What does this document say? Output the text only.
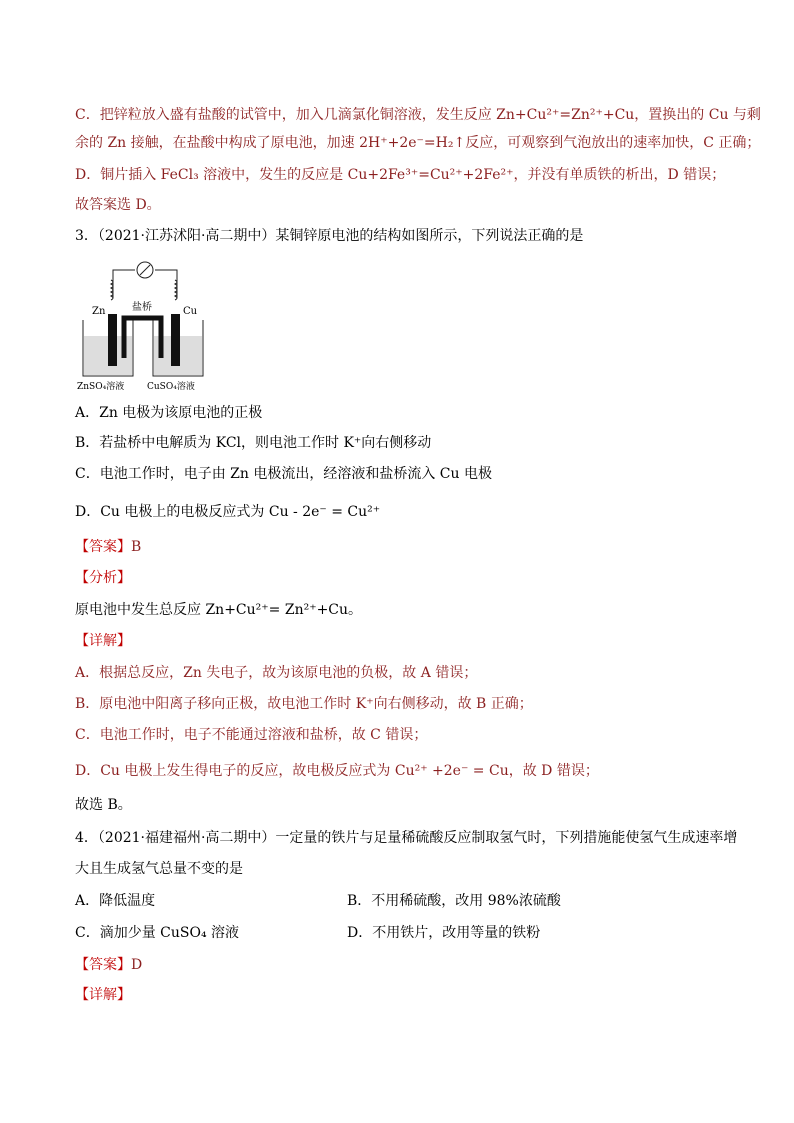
C．把锌粒放入盛有盐酸的试管中，加入几滴氯化铜溶液，发生反应 Zn+Cu²⁺=Zn²⁺+Cu，置换出的 Cu 与剩
余的 Zn 接触，在盐酸中构成了原电池，加速 2H⁺+2e⁻=H₂↑反应，可观察到气泡放出的速率加快，C 正确；
D．铜片插入 FeCl₃ 溶液中，发生的反应是 Cu+2Fe³⁺=Cu²⁺+2Fe²⁺，并没有单质铁的析出，D 错误；
故答案选 D。
3．（2021·江苏沭阳·高二期中）某铜锌原电池的结构如图所示，下列说法正确的是
Zn	Cu
盐桥
ZnSO₄溶液	CuSO₄溶液
A．Zn 电极为该原电池的正极
B．若盐桥中电解质为 KCl，则电池工作时 K⁺向右侧移动
C．电池工作时，电子由 Zn 电极流出，经溶液和盐桥流入 Cu 电极
D．Cu 电极上的电极反应式为 Cu - 2e⁻ = Cu²⁺
【答案】B
【分析】
原电池中发生总反应 Zn+Cu²⁺= Zn²⁺+Cu。
【详解】
A．根据总反应，Zn 失电子，故为该原电池的负极，故 A 错误；
B．原电池中阳离子移向正极，故电池工作时 K⁺向右侧移动，故 B 正确；
C．电池工作时，电子不能通过溶液和盐桥，故 C 错误；
D．Cu 电极上发生得电子的反应，故电极反应式为 Cu²⁺ +2e⁻ = Cu，故 D 错误；
故选 B。
4．（2021·福建福州·高二期中）一定量的铁片与足量稀硫酸反应制取氢气时，下列措施能使氢气生成速率增
大且生成氢气总量不变的是
A．降低温度	B．不用稀硫酸，改用 98%浓硫酸
C．滴加少量 CuSO₄ 溶液	D．不用铁片，改用等量的铁粉
【答案】D
【详解】
